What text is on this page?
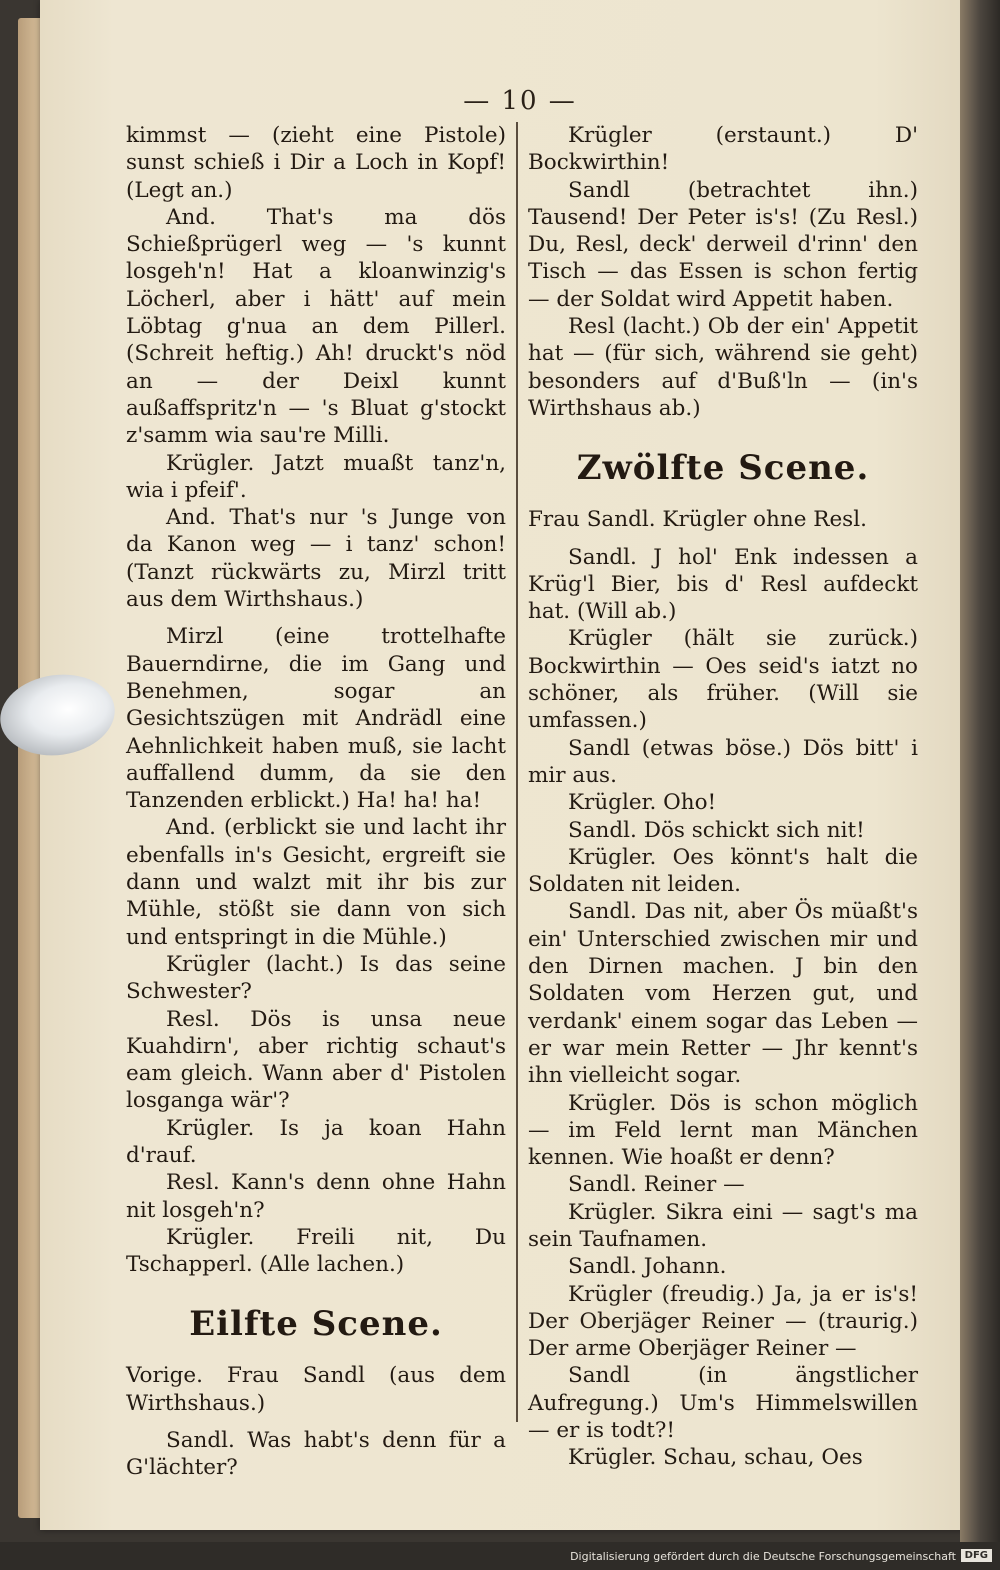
— 10 —

kimmst — (zieht eine Pistole) sunst schieß i Dir a Loch in Kopf! (Legt an.)

And. That's ma dös Schießprügerl weg — 's kunnt losgeh'n! Hat a kloanwinzig's Löcherl, aber i hätt' auf mein Löbtag g'nua an dem Pillerl. (Schreit heftig.) Ah! druckt's nöd an — der Deixl kunnt außaffspritz'n — 's Bluat g'stockt z'samm wia sau're Milli.

Krügler. Jatzt muaßt tanz'n, wia i pfeif'.

And. That's nur 's Junge von da Kanon weg — i tanz' schon! (Tanzt rückwärts zu, Mirzl tritt aus dem Wirthshaus.)

Mirzl (eine trottelhafte Bauerndirne, die im Gang und Benehmen, sogar an Gesichtszügen mit Andrädl eine Aehnlichkeit haben muß, sie lacht auffallend dumm, da sie den Tanzenden erblickt.) Ha! ha! ha!

And. (erblickt sie und lacht ihr ebenfalls in's Gesicht, ergreift sie dann und walzt mit ihr bis zur Mühle, stößt sie dann von sich und entspringt in die Mühle.)

Krügler (lacht.) Is das seine Schwester?

Resl. Dös is unsa neue Kuahdirn', aber richtig schaut's eam gleich. Wann aber d' Pistolen losganga wär'?

Krügler. Is ja koan Hahn d'rauf.

Resl. Kann's denn ohne Hahn nit losgeh'n?

Krügler. Freili nit, Du Tschapperl. (Alle lachen.)

Eilfte Scene.

Vorige. Frau Sandl (aus dem Wirthshaus.)

Sandl. Was habt's denn für a G'lächter?

Krügler (erstaunt.) D' Bockwirthin!

Sandl (betrachtet ihn.) Tausend! Der Peter is's! (Zu Resl.) Du, Resl, deck' derweil d'rinn' den Tisch — das Essen is schon fertig — der Soldat wird Appetit haben.

Resl (lacht.) Ob der ein' Appetit hat — (für sich, während sie geht) besonders auf d'Buß'ln — (in's Wirthshaus ab.)

Zwölfte Scene.

Frau Sandl. Krügler ohne Resl.

Sandl. J hol' Enk indessen a Krüg'l Bier, bis d' Resl aufdeckt hat. (Will ab.)

Krügler (hält sie zurück.) Bockwirthin — Oes seid's iatzt no schöner, als früher. (Will sie umfassen.)

Sandl (etwas böse.) Dös bitt' i mir aus.

Krügler. Oho!

Sandl. Dös schickt sich nit!

Krügler. Oes könnt's halt die Soldaten nit leiden.

Sandl. Das nit, aber Ös müaßt's ein' Unterschied zwischen mir und den Dirnen machen. J bin den Soldaten vom Herzen gut, und verdank' einem sogar das Leben — er war mein Retter — Jhr kennt's ihn vielleicht sogar.

Krügler. Dös is schon möglich — im Feld lernt man Mänchen kennen. Wie hoaßt er denn?

Sandl. Reiner —

Krügler. Sikra eini — sagt's ma sein Taufnamen.

Sandl. Johann.

Krügler (freudig.) Ja, ja er is's! Der Oberjäger Reiner — (traurig.) Der arme Oberjäger Reiner —

Sandl (in ängstlicher Aufregung.) Um's Himmelswillen — er is todt?!

Krügler. Schau, schau, Oes

Digitalisierung gefördert durch die Deutsche Forschungsgemeinschaft DFG
